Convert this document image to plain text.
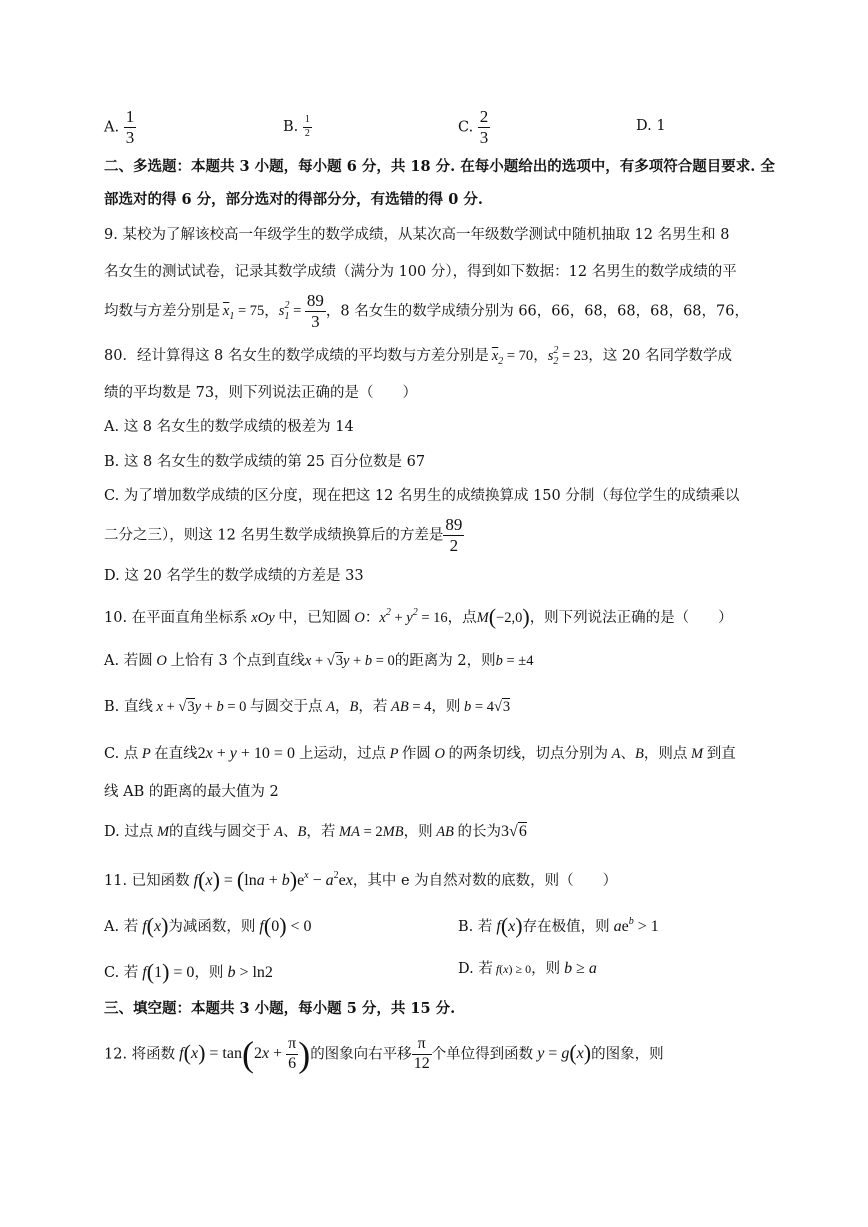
A. $\frac{1}{3}$	B. $\frac{1}{2}$	C. $\frac{2}{3}$	D. 1
二、多选题：本题共 3 小题，每小题 6 分，共 18 分. 在每小题给出的选项中，有多项符合题目要求. 全
部选对的得 6 分，部分选对的得部分分，有选错的得 0 分.
9. 某校为了解该校高一年级学生的数学成绩，从某次高一年级数学测试中随机抽取 12 名男生和 8
名女生的测试试卷，记录其数学成绩（满分为 100 分），得到如下数据：12 名男生的数学成绩的平
均数与方差分别是  $\overline{x}_1 = 75$，$s_1^2 = \frac{89}{3}$ ，8 名女生的数学成绩分别为 66，66，68，68，68，68，76，
80．经计算得这 8 名女生的数学成绩的平均数与方差分别是  $\overline{x}_2 = 70$，$s_2^2 = 23$，这 20 名同学数学成
绩的平均数是 73，则下列说法正确的是（　　）
A. 这 8 名女生的数学成绩的极差为 14
B. 这 8 名女生的数学成绩的第 25 百分位数是 67
C. 为了增加数学成绩的区分度，现在把这 12 名男生的成绩换算成 150 分制（每位学生的成绩乘以
二分之三），则这 12 名男生数学成绩换算后的方差是 $\frac{89}{2}$
D. 这 20 名学生的数学成绩的方差是 33
10. 在平面直角坐标系 xOy 中，已知圆 O：$x^2 + y^2 = 16$，点M(−2,0)，则下列说法正确的是（　　）
A. 若圆 O 上恰有 3 个点到直线x + √3y + b = 0的距离为 2，则b = ±4
B. 直线 x + √3y + b = 0 与圆交于点 A，B，若 AB = 4，则 b = 4√3
C. 点 P 在直线2x + y + 10 = 0 上运动，过点 P 作圆 O 的两条切线，切点分别为 A、B，则点 M 到直
线 AB 的距离的最大值为 2
D. 过点 M的直线与圆交于 A、B，若 MA = 2MB，则 AB 的长为3√6
11. 已知函数 $f(x) = (\ln a + b)e^x - a^2ex$，其中 e 为自然对数的底数，则（　　）
A. 若 f(x)为减函数，则 f(0) < 0	B. 若 f(x)存在极值，则 $ae^b > 1$
C. 若 f(1) = 0，则 b > ln2	D. 若 f(x) ≥ 0，则 b ≥ a
三、填空题：本题共 3 小题，每小题 5 分，共 15 分.
12. 将函数 $f(x) = \tan(2x + \frac{\pi}{6}$ )的图象向右平移 $\frac{\pi}{12}$ 个单位得到函数 y = g(x)的图象，则
